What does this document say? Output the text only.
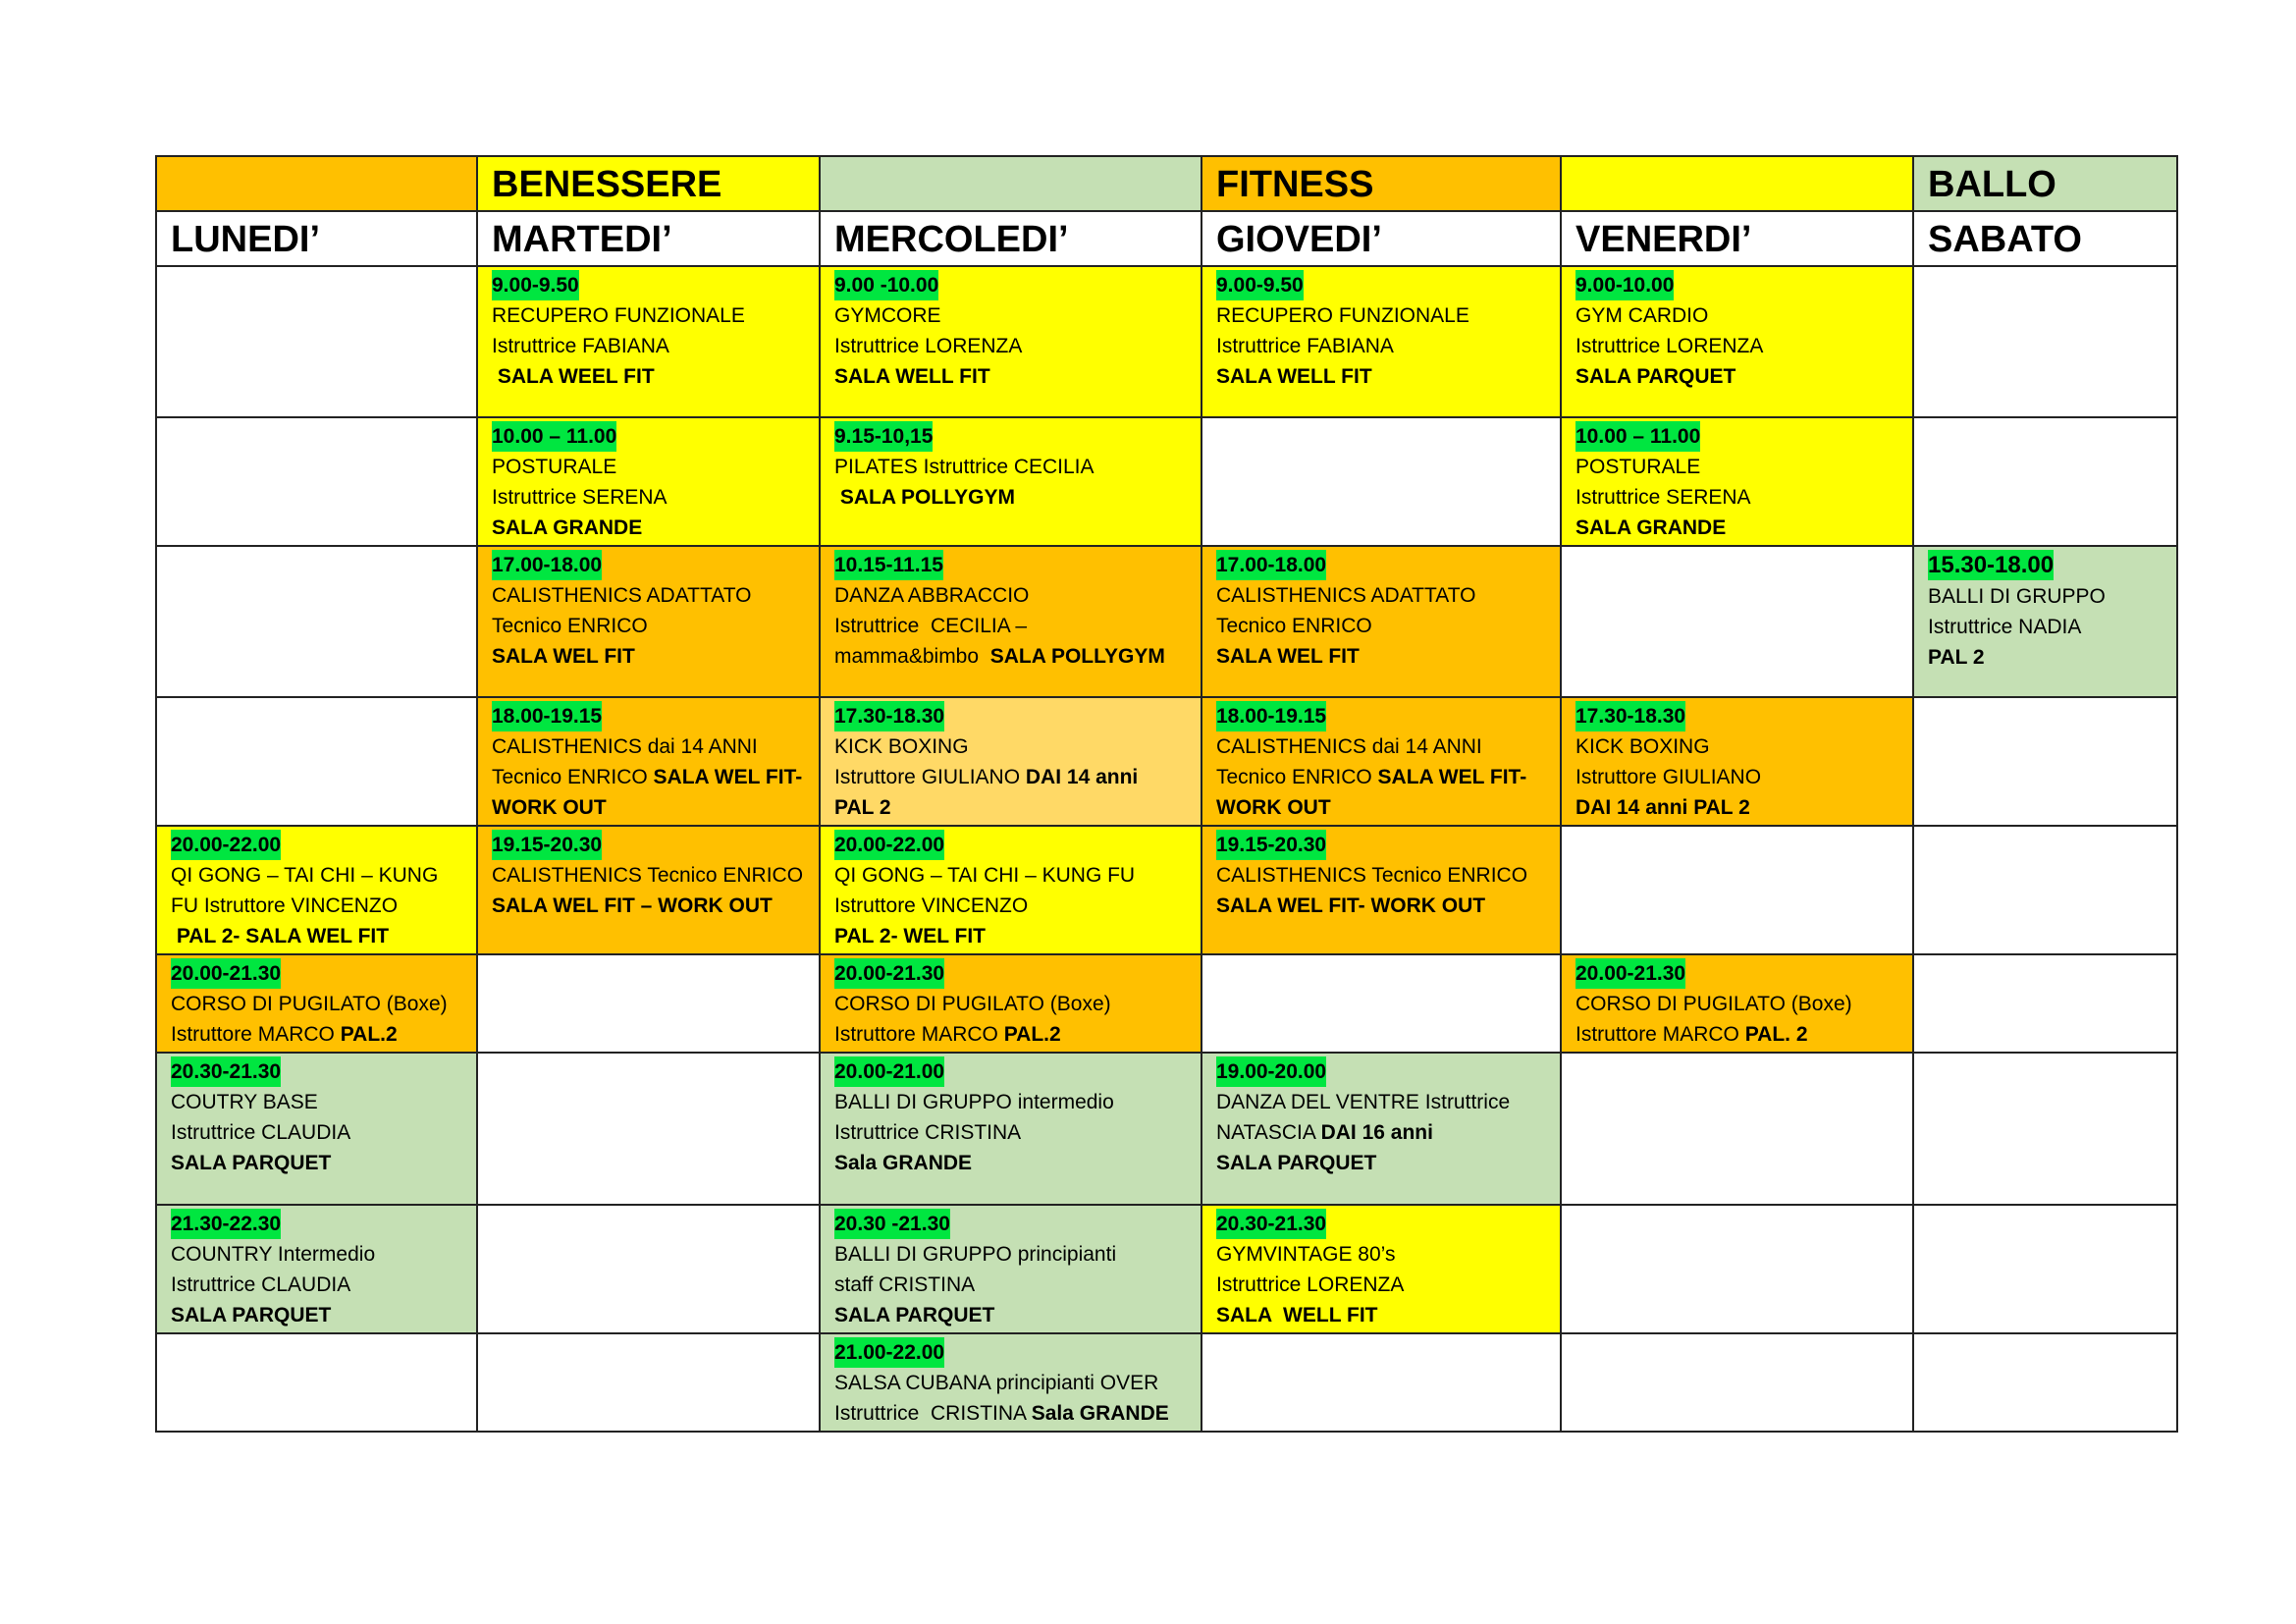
	BENESSERE		FITNESS		BALLO
LUNEDI’	MARTEDI’	MERCOLEDI’	GIOVEDI’	VENERDI’	SABATO

	9.00-9.50
RECUPERO FUNZIONALE
Istruttrice FABIANA
SALA WEEL FIT	9.00 -10.00
GYMCORE
Istruttrice LORENZA
SALA WELL FIT	9.00-9.50
RECUPERO FUNZIONALE
Istruttrice FABIANA
SALA WELL FIT	9.00-10.00
GYM CARDIO
Istruttrice LORENZA
SALA PARQUET	

	10.00 – 11.00
POSTURALE
Istruttrice SERENA
SALA GRANDE	9.15-10,15
PILATES Istruttrice CECILIA
SALA POLLYGYM		10.00 – 11.00
POSTURALE
Istruttrice SERENA
SALA GRANDE	

	17.00-18.00
CALISTHENICS ADATTATO
Tecnico ENRICO
SALA WEL FIT	10.15-11.15
DANZA ABBRACCIO
Istruttrice  CECILIA –
mamma&bimbo  SALA POLLYGYM	17.00-18.00
CALISTHENICS ADATTATO
Tecnico ENRICO
SALA WEL FIT		15.30-18.00
BALLI DI GRUPPO
Istruttrice NADIA
PAL 2

	18.00-19.15
CALISTHENICS dai 14 ANNI
Tecnico ENRICO SALA WEL FIT-
WORK OUT	17.30-18.30
KICK BOXING
Istruttore GIULIANO DAI 14 anni
PAL 2	18.00-19.15
CALISTHENICS dai 14 ANNI
Tecnico ENRICO SALA WEL FIT-
WORK OUT	17.30-18.30
KICK BOXING
Istruttore GIULIANO
DAI 14 anni PAL 2	

20.00-22.00
QI GONG – TAI CHI – KUNG
FU Istruttore VINCENZO
PAL 2- SALA WEL FIT	19.15-20.30
CALISTHENICS Tecnico ENRICO
SALA WEL FIT – WORK OUT	20.00-22.00
QI GONG – TAI CHI – KUNG FU
Istruttore VINCENZO
PAL 2- WEL FIT	19.15-20.30
CALISTHENICS Tecnico ENRICO
SALA WEL FIT- WORK OUT		

20.00-21.30
CORSO DI PUGILATO (Boxe)
Istruttore MARCO PAL.2		20.00-21.30
CORSO DI PUGILATO (Boxe)
Istruttore MARCO PAL.2		20.00-21.30
CORSO DI PUGILATO (Boxe)
Istruttore MARCO PAL. 2	

20.30-21.30
COUTRY BASE
Istruttrice CLAUDIA
SALA PARQUET		20.00-21.00
BALLI DI GRUPPO intermedio
Istruttrice CRISTINA
Sala GRANDE	19.00-20.00
DANZA DEL VENTRE Istruttrice
NATASCIA DAI 16 anni
SALA PARQUET		

21.30-22.30
COUNTRY Intermedio
Istruttrice CLAUDIA
SALA PARQUET		20.30 -21.30
BALLI DI GRUPPO principianti
staff CRISTINA
SALA PARQUET	20.30-21.30
GYMVINTAGE 80’s
Istruttrice LORENZA
SALA  WELL FIT		

		21.00-22.00
SALSA CUBANA principianti OVER
Istruttrice  CRISTINA Sala GRANDE			
